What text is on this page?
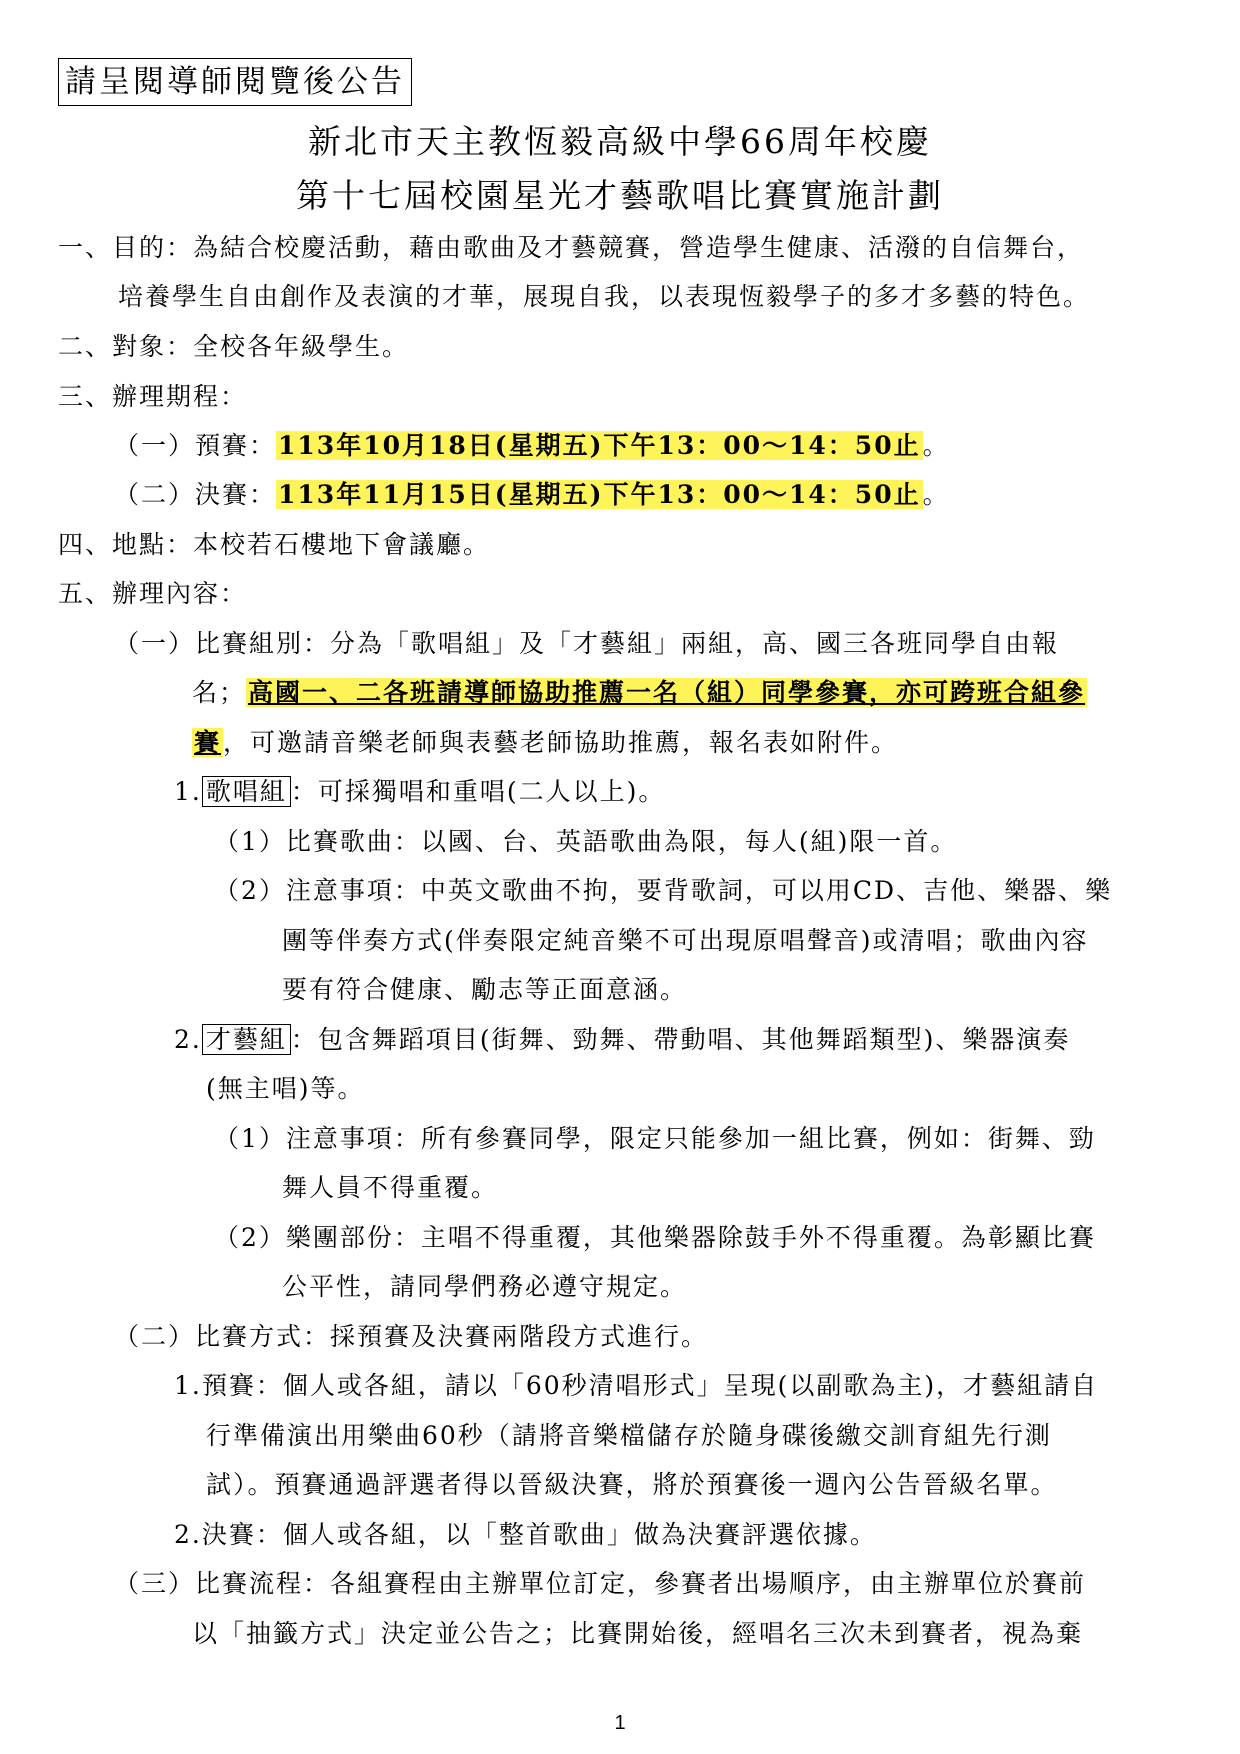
請呈閱導師閱覽後公告
新北市天主教恆毅高級中學66周年校慶
第十七屆校園星光才藝歌唱比賽實施計劃
一、目的：為結合校慶活動，藉由歌曲及才藝競賽，營造學生健康、活潑的自信舞台，
培養學生自由創作及表演的才華，展現自我，以表現恆毅學子的多才多藝的特色。
二、對象：全校各年級學生。
三、辦理期程：
（一）預賽：113年10月18日(星期五)下午13：00～14：50止。
（二）決賽：113年11月15日(星期五)下午13：00～14：50止。
四、地點：本校若石樓地下會議廳。
五、辦理內容：
（一）比賽組別：分為「歌唱組」及「才藝組」兩組，高、國三各班同學自由報
名；高國一、二各班請導師協助推薦一名（組）同學參賽，亦可跨班合組參
賽，可邀請音樂老師與表藝老師協助推薦，報名表如附件。
1. 歌唱組 ：可採獨唱和重唱(二人以上)。
（1）比賽歌曲：以國、台、英語歌曲為限，每人(組)限一首。
（2）注意事項：中英文歌曲不拘，要背歌詞，可以用CD、吉他、樂器、樂
團等伴奏方式(伴奏限定純音樂不可出現原唱聲音)或清唱；歌曲內容
要有符合健康、勵志等正面意涵。
2. 才藝組 ：包含舞蹈項目(街舞、勁舞、帶動唱、其他舞蹈類型)、樂器演奏
(無主唱)等。
（1）注意事項：所有參賽同學，限定只能參加一組比賽，例如：街舞、勁
舞人員不得重覆。
（2）樂團部份：主唱不得重覆，其他樂器除鼓手外不得重覆。為彰顯比賽
公平性，請同學們務必遵守規定。
（二）比賽方式：採預賽及決賽兩階段方式進行。
1.預賽：個人或各組，請以「60秒清唱形式」呈現(以副歌為主)，才藝組請自
行準備演出用樂曲60秒（請將音樂檔儲存於隨身碟後繳交訓育組先行測
試）。預賽通過評選者得以晉級決賽，將於預賽後一週內公告晉級名單。
2.決賽：個人或各組，以「整首歌曲」做為決賽評選依據。
（三）比賽流程：各組賽程由主辦單位訂定，參賽者出場順序，由主辦單位於賽前
以「抽籤方式」決定並公告之；比賽開始後，經唱名三次未到賽者，視為棄
1
